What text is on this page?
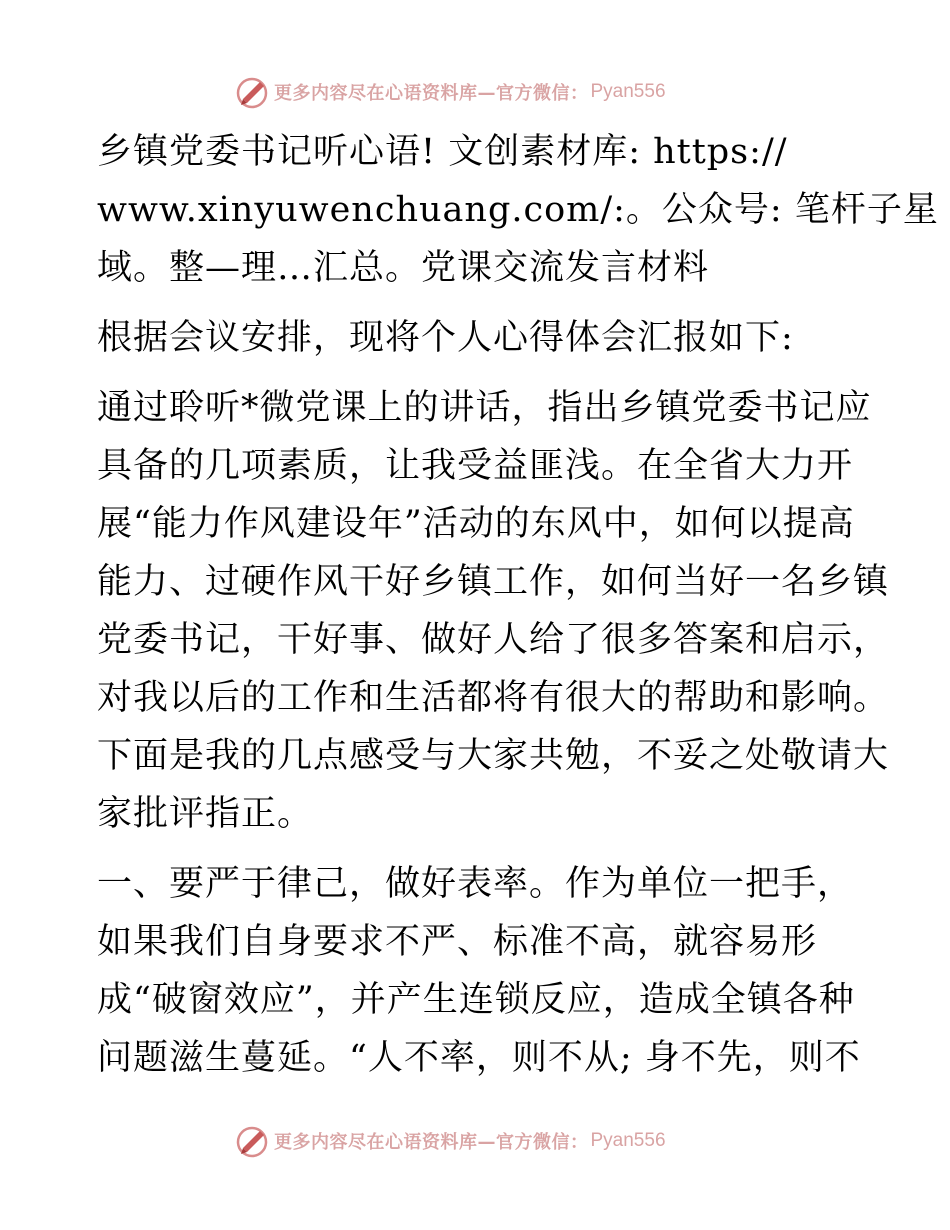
更多内容尽在心语资料库—官方微信： Pyan556

乡镇党委书记听心语! 文创素材库: https://
www.xinyuwenchuang.com/:。公众号: 笔杆子星
域。整—理…汇总。党课交流发言材料

根据会议安排，现将个人心得体会汇报如下:

通过聆听*微党课上的讲话，指出乡镇党委书记应
具备的几项素质，让我受益匪浅。在全省大力开
展“能力作风建设年”活动的东风中，如何以提高
能力、过硬作风干好乡镇工作，如何当好一名乡镇
党委书记，干好事、做好人给了很多答案和启示，
对我以后的工作和生活都将有很大的帮助和影响。
下面是我的几点感受与大家共勉，不妥之处敬请大
家批评指正。

一、要严于律己，做好表率。作为单位一把手，
如果我们自身要求不严、标准不高，就容易形
成“破窗效应”，并产生连锁反应，造成全镇各种
问题滋生蔓延。“人不率，则不从; 身不先，则不

更多内容尽在心语资料库—官方微信： Pyan556
